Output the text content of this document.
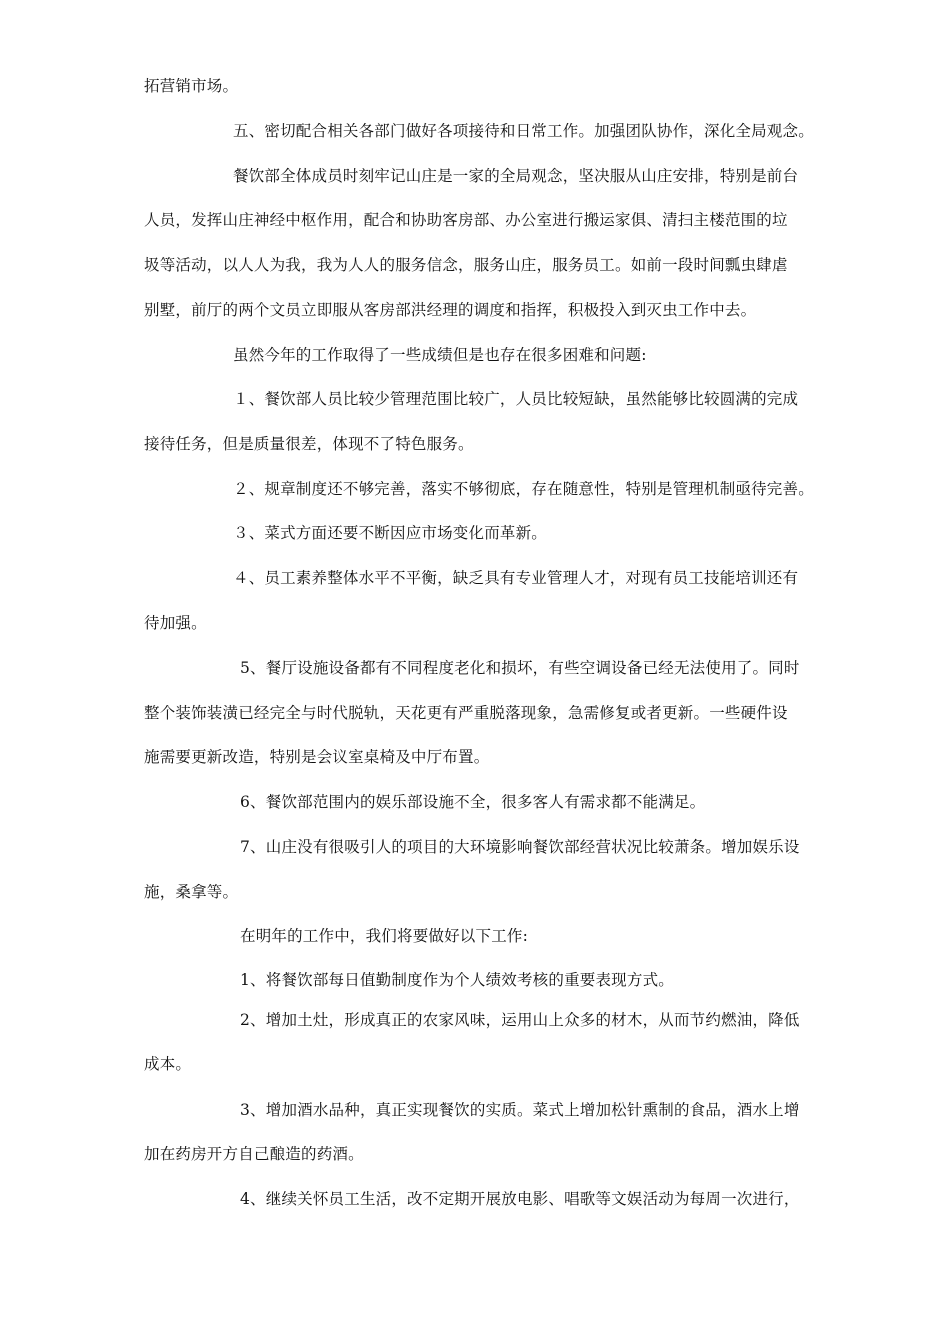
拓营销市场。
五、密切配合相关各部门做好各项接待和日常工作。加强团队协作，深化全局观念。
餐饮部全体成员时刻牢记山庄是一家的全局观念，坚决服从山庄安排，特别是前台
人员，发挥山庄神经中枢作用，配合和协助客房部、办公室进行搬运家俱、清扫主楼范围的垃
圾等活动，以人人为我，我为人人的服务信念，服务山庄，服务员工。如前一段时间瓢虫肆虐
别墅，前厅的两个文员立即服从客房部洪经理的调度和指挥，积极投入到灭虫工作中去。
虽然今年的工作取得了一些成绩但是也存在很多困难和问题:
１、餐饮部人员比较少管理范围比较广，人员比较短缺，虽然能够比较圆满的完成
接待任务，但是质量很差，体现不了特色服务。
２、规章制度还不够完善，落实不够彻底，存在随意性，特别是管理机制亟待完善。
３、菜式方面还要不断因应市场变化而革新。
４、员工素养整体水平不平衡，缺乏具有专业管理人才，对现有员工技能培训还有
待加强。
5、餐厅设施设备都有不同程度老化和损坏，有些空调设备已经无法使用了。同时
整个装饰装潢已经完全与时代脱轨，天花更有严重脱落现象，急需修复或者更新。一些硬件设
施需要更新改造，特别是会议室桌椅及中厅布置。
6、餐饮部范围内的娱乐部设施不全，很多客人有需求都不能满足。
7、山庄没有很吸引人的项目的大环境影响餐饮部经营状况比较萧条。增加娱乐设
施，桑拿等。
在明年的工作中，我们将要做好以下工作:
1、将餐饮部每日值勤制度作为个人绩效考核的重要表现方式。
2、增加土灶，形成真正的农家风味，运用山上众多的材木，从而节约燃油，降低
成本。
3、增加酒水品种，真正实现餐饮的实质。菜式上增加松针熏制的食品，酒水上增
加在药房开方自己酿造的药酒。
4、继续关怀员工生活，改不定期开展放电影、唱歌等文娱活动为每周一次进行，
